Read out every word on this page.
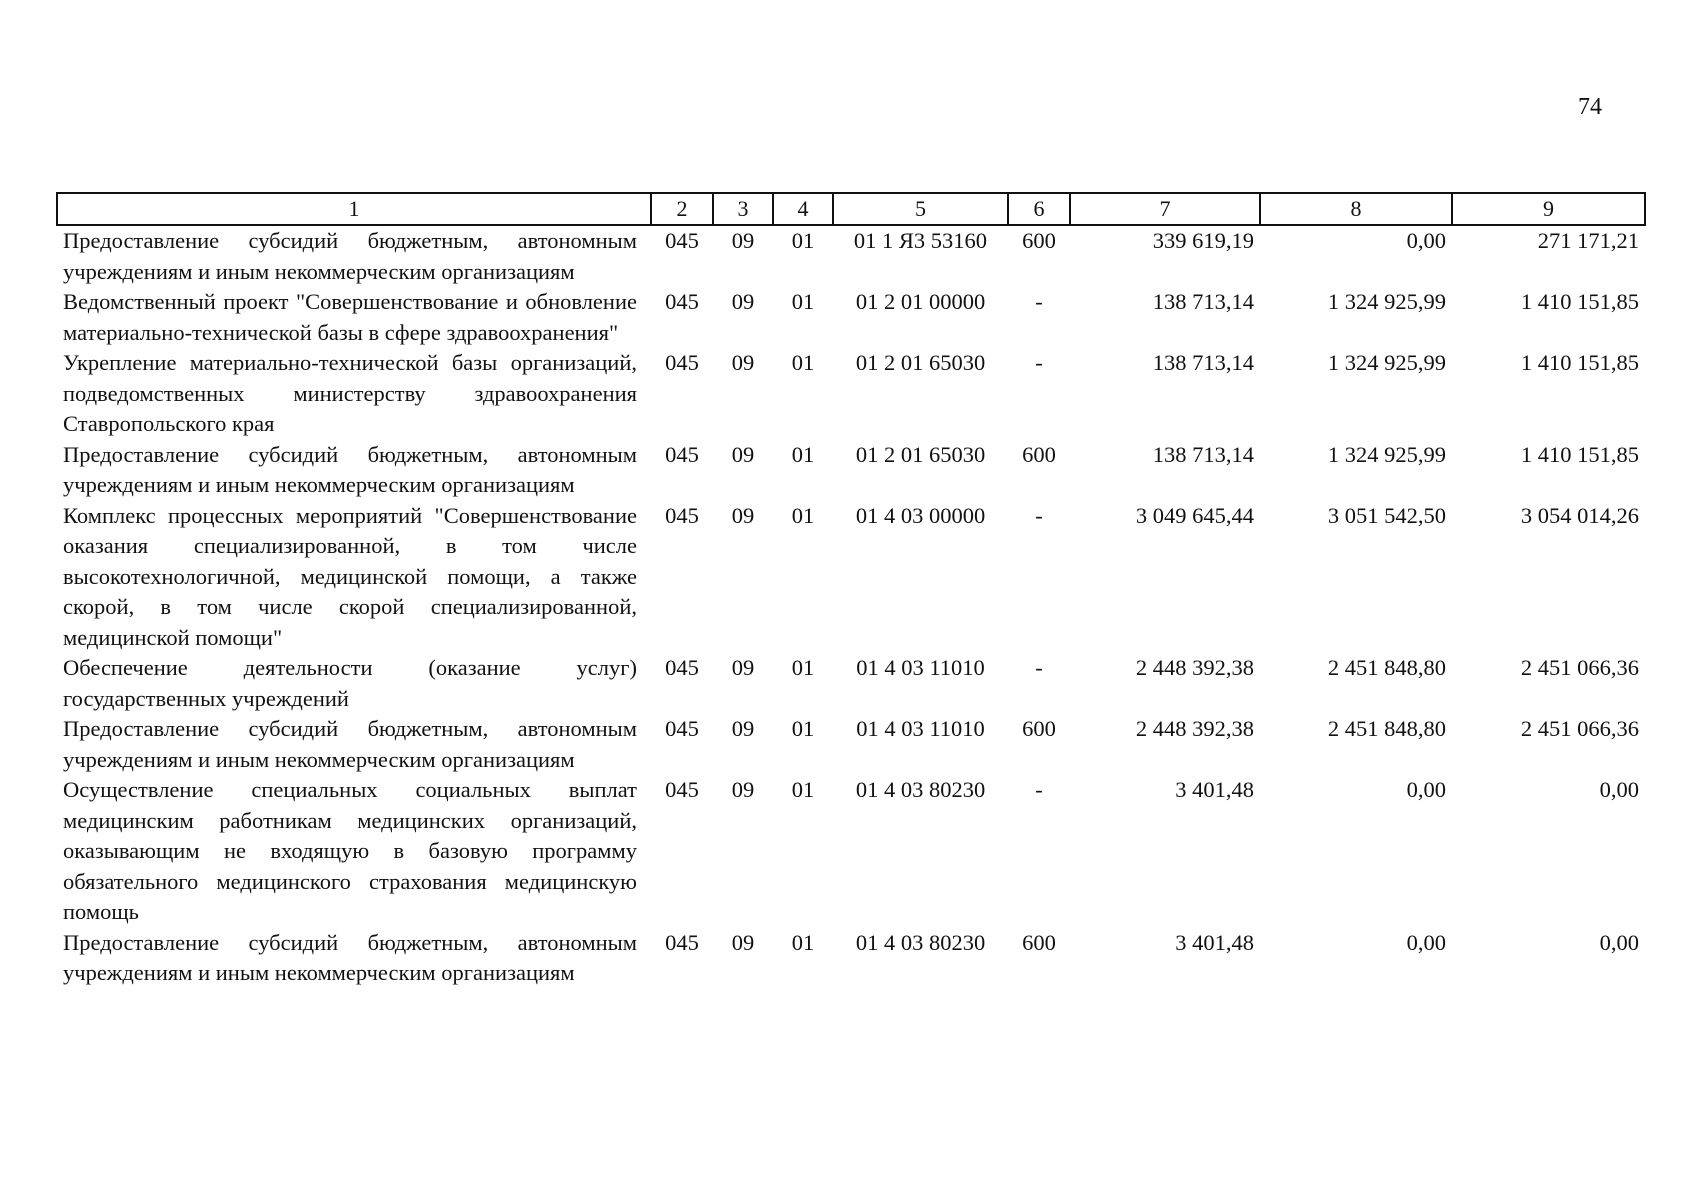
74
1	2	3	4	5	6	7	8	9
Предоставление субсидий бюджетным, автономным учреждениям и иным некоммерческим организациям	045	09	01	01 1 Я3 53160	600	339 619,19	0,00	271 171,21
Ведомственный проект "Совершенствование и обновление материально-технической базы в сфере здравоохранения"	045	09	01	01 2 01 00000	-	138 713,14	1 324 925,99	1 410 151,85
Укрепление материально-технической базы организаций, подведомственных министерству здравоохранения Ставропольского края	045	09	01	01 2 01 65030	-	138 713,14	1 324 925,99	1 410 151,85
Предоставление субсидий бюджетным, автономным учреждениям и иным некоммерческим организациям	045	09	01	01 2 01 65030	600	138 713,14	1 324 925,99	1 410 151,85
Комплекс процессных мероприятий "Совершенствование оказания специализированной, в том числе высокотехнологичной, медицинской помощи, а также скорой, в том числе скорой специализированной, медицинской помощи"	045	09	01	01 4 03 00000	-	3 049 645,44	3 051 542,50	3 054 014,26
Обеспечение деятельности (оказание услуг) государственных учреждений	045	09	01	01 4 03 11010	-	2 448 392,38	2 451 848,80	2 451 066,36
Предоставление субсидий бюджетным, автономным учреждениям и иным некоммерческим организациям	045	09	01	01 4 03 11010	600	2 448 392,38	2 451 848,80	2 451 066,36
Осуществление специальных социальных выплат медицинским работникам медицинских организаций, оказывающим не входящую в базовую программу обязательного медицинского страхования медицинскую помощь	045	09	01	01 4 03 80230	-	3 401,48	0,00	0,00
Предоставление субсидий бюджетным, автономным учреждениям и иным некоммерческим организациям	045	09	01	01 4 03 80230	600	3 401,48	0,00	0,00
